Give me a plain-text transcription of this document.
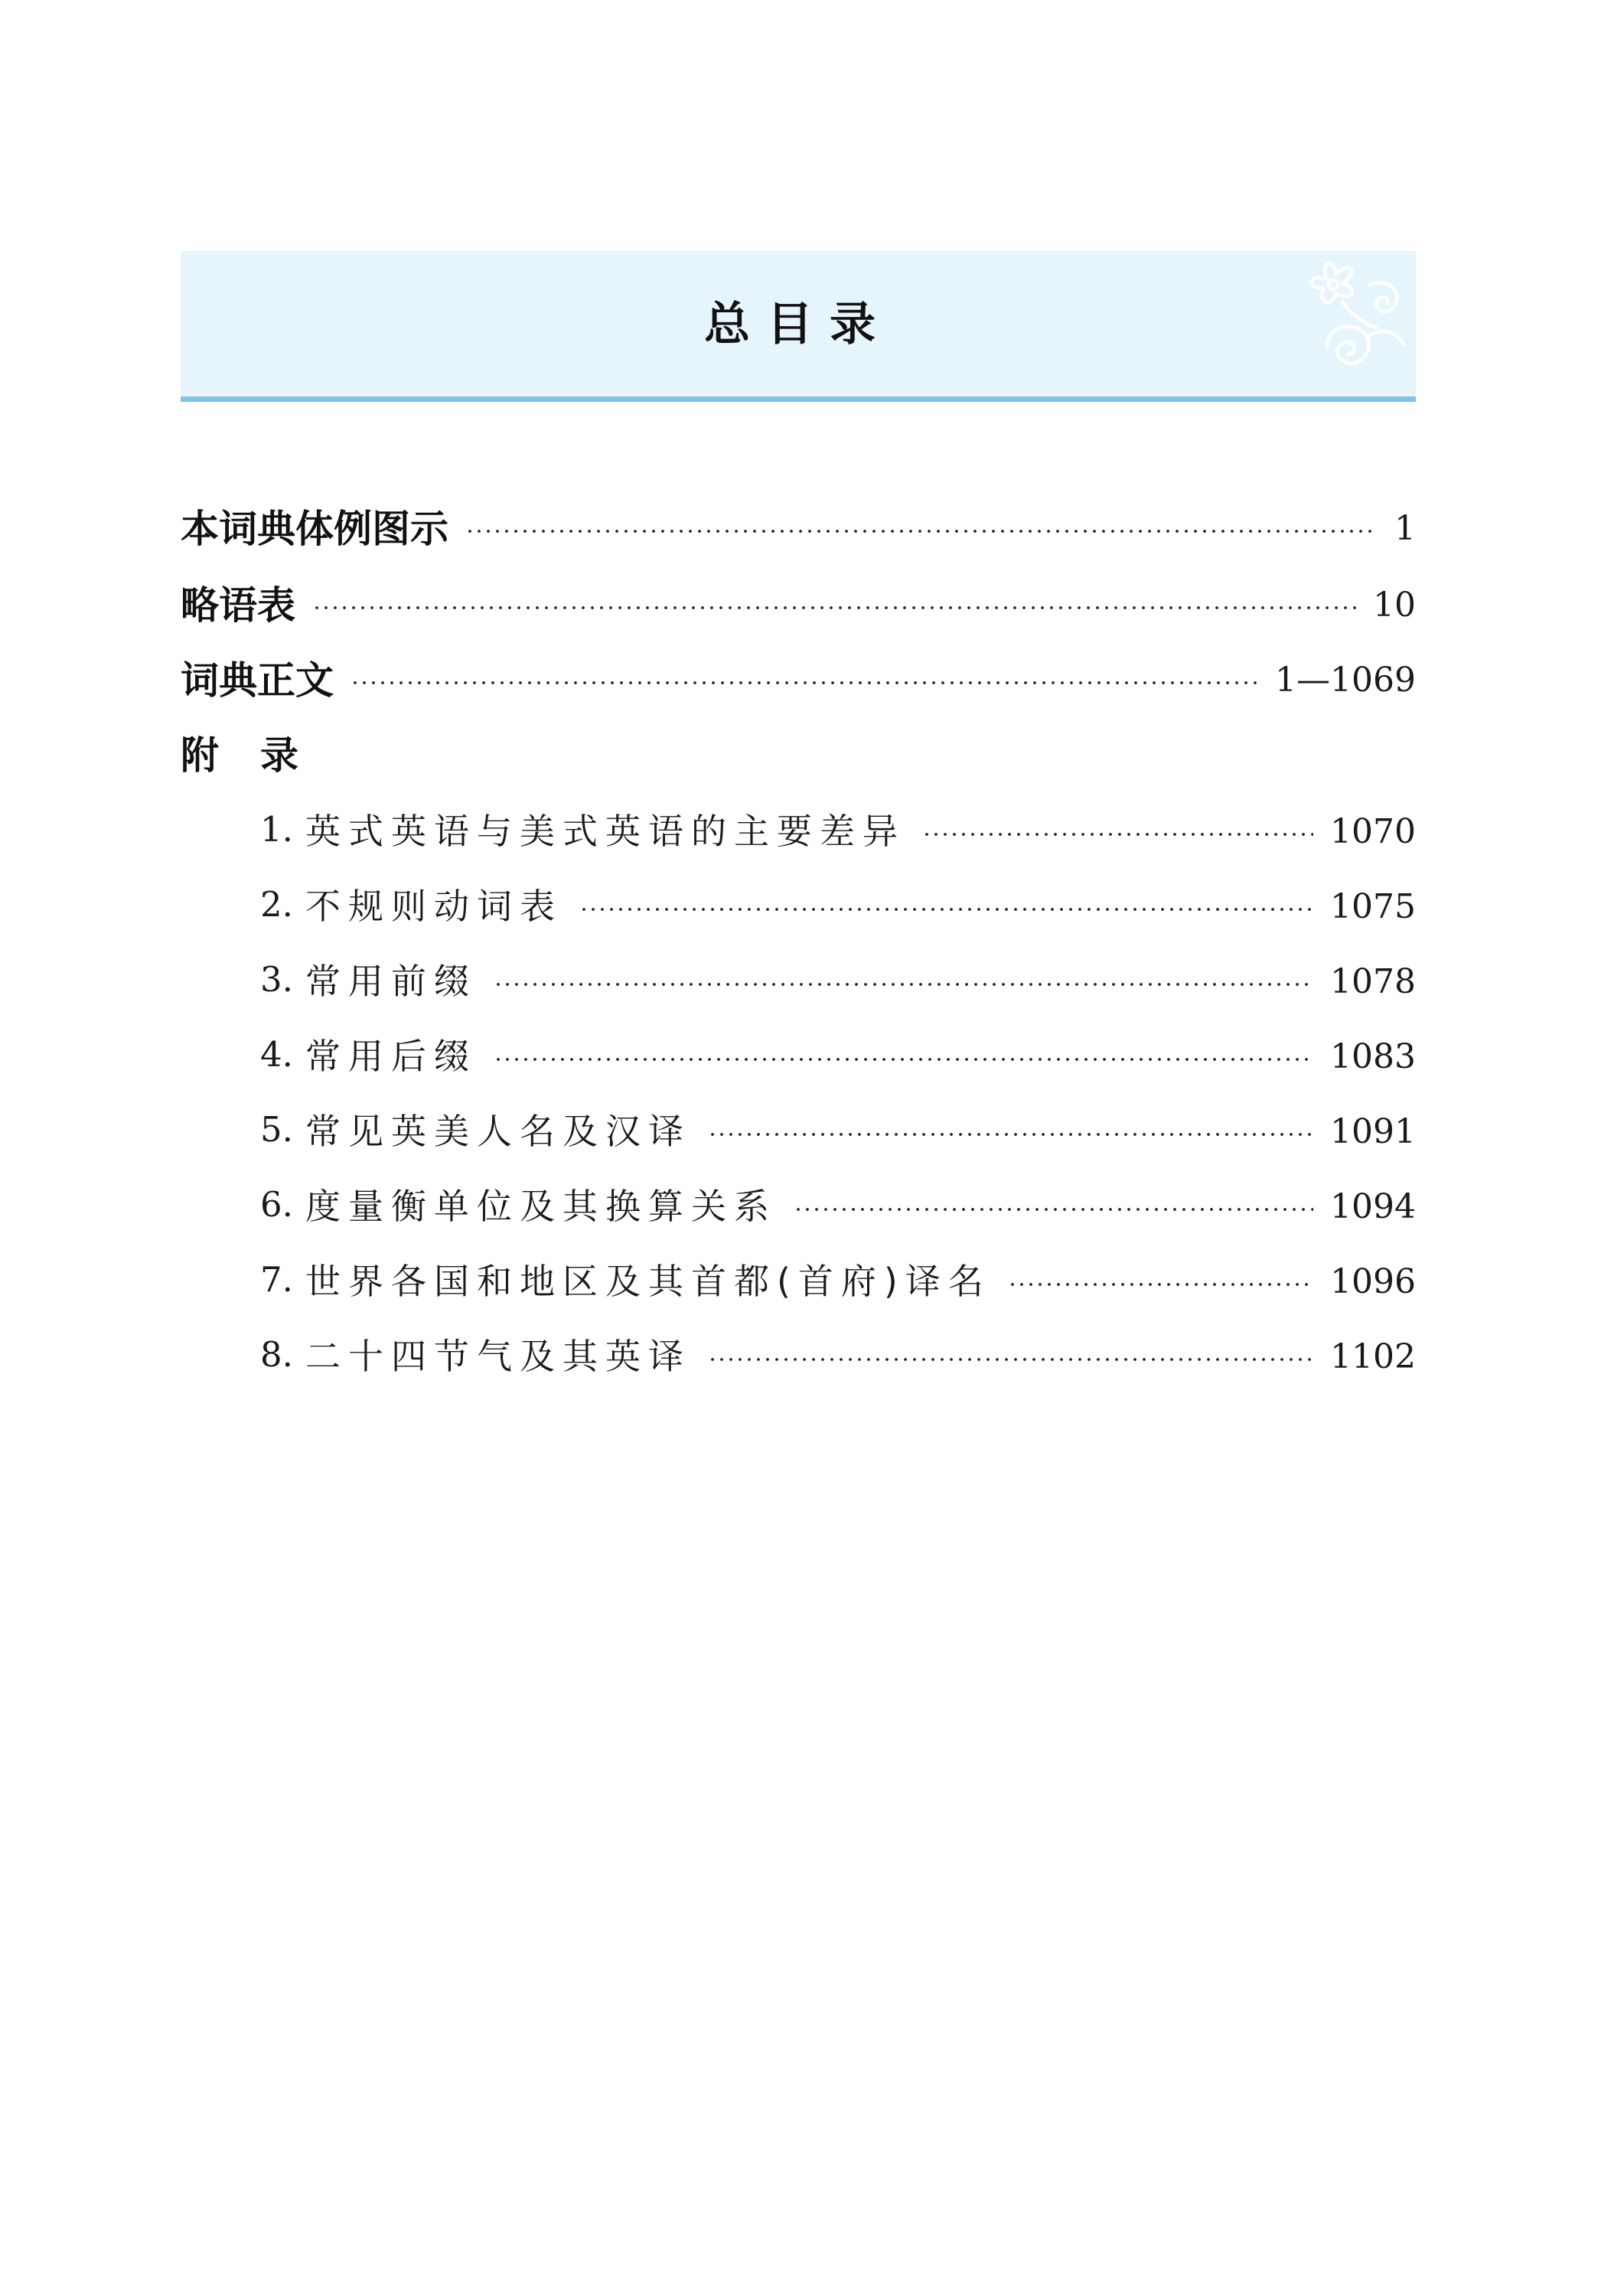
总目录
本词典体例图示	1
略语表	10
词典正文	1—1069
附录
1. 英式英语与美式英语的主要差异	1070
2. 不规则动词表	1075
3. 常用前缀	1078
4. 常用后缀	1083
5. 常见英美人名及汉译	1091
6. 度量衡单位及其换算关系	1094
7. 世界各国和地区及其首都(首府)译名	1096
8. 二十四节气及其英译	1102
